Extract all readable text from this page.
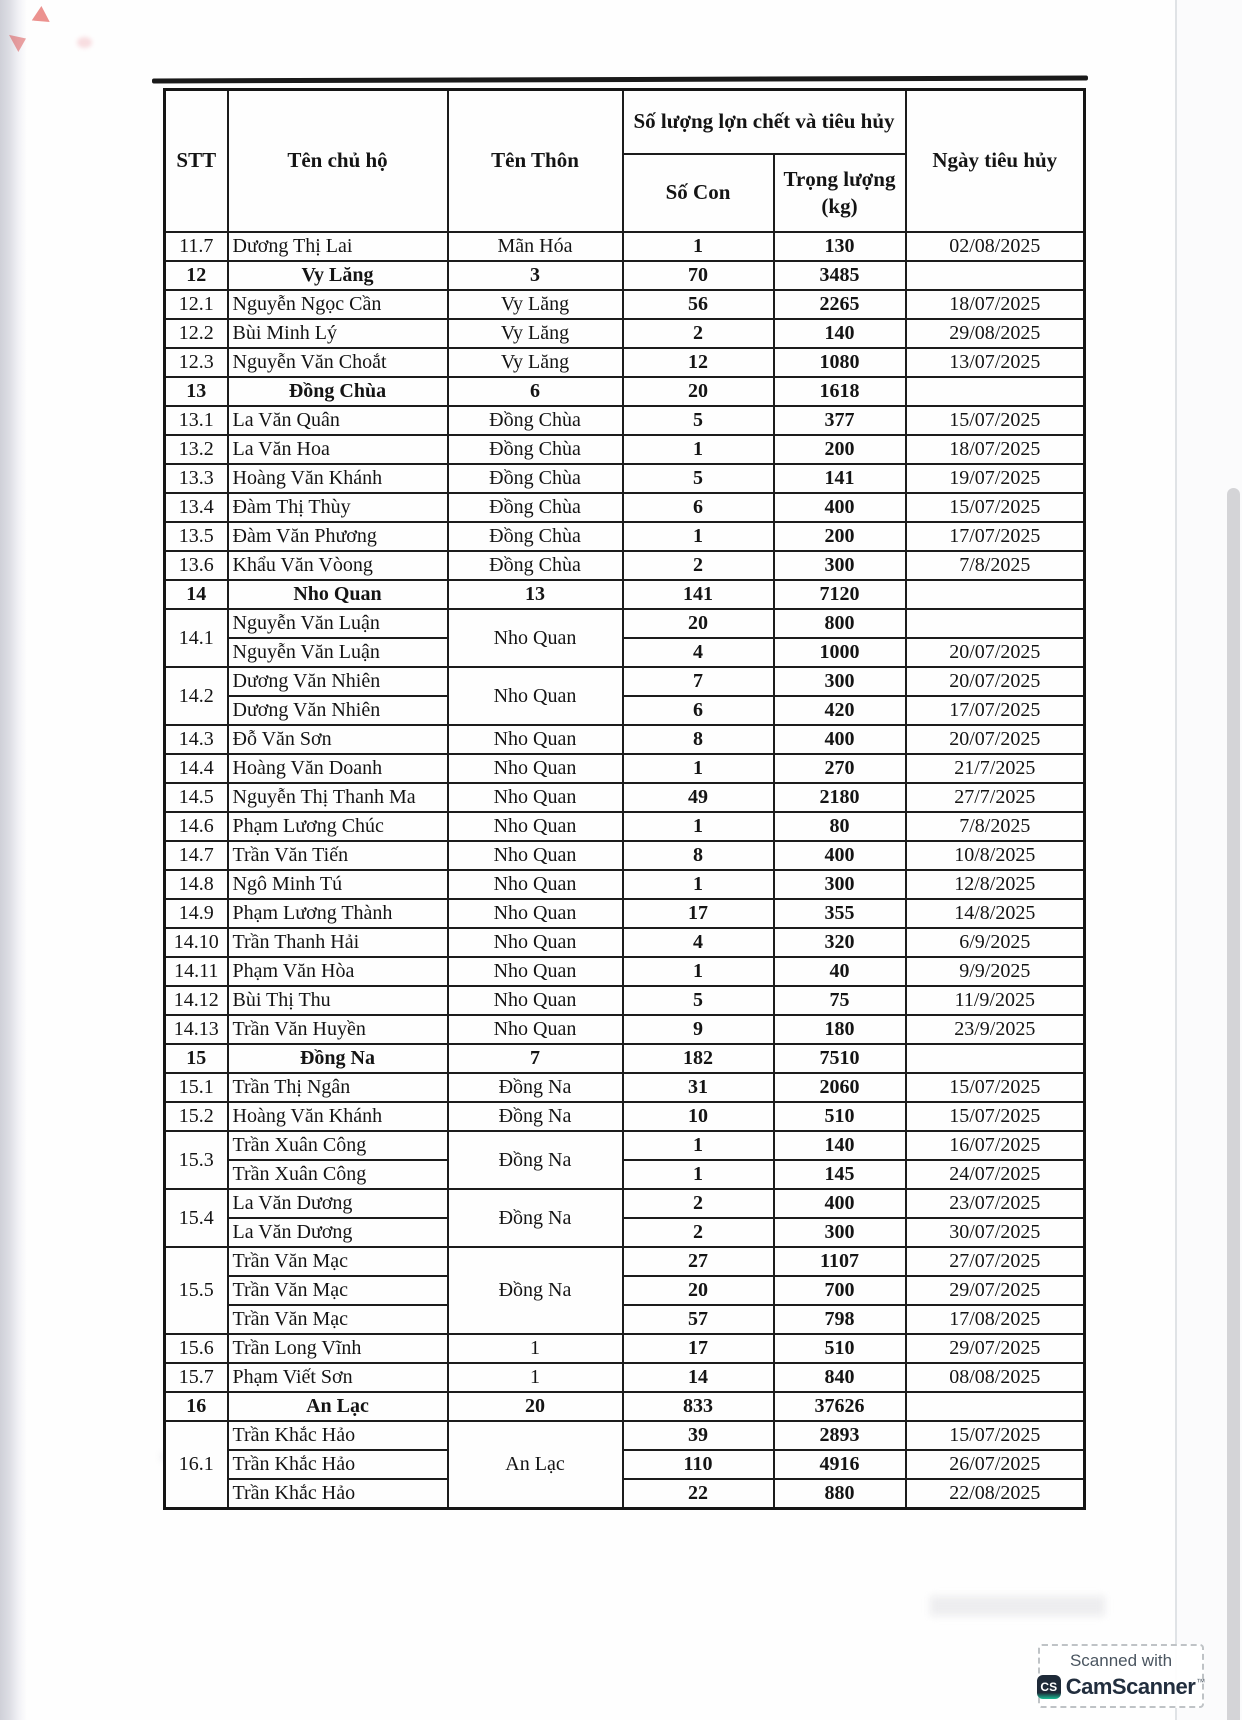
STT	Tên chủ hộ	Tên Thôn	Số lượng lợn chết và tiêu hủy		Ngày tiêu hủy
			Số Con	Trọng lượng (kg)	
11.7	Dương Thị Lai	Mãn Hóa	1	130	02/08/2025
12	Vy Lăng	3	70	3485	
12.1	Nguyễn Ngọc Cần	Vy Lăng	56	2265	18/07/2025
12.2	Bùi Minh Lý	Vy Lăng	2	140	29/08/2025
12.3	Nguyễn Văn Choắt	Vy Lăng	12	1080	13/07/2025
13	Đồng Chùa	6	20	1618	
13.1	La Văn Quân	Đồng Chùa	5	377	15/07/2025
13.2	La Văn Hoa	Đồng Chùa	1	200	18/07/2025
13.3	Hoàng Văn Khánh	Đồng Chùa	5	141	19/07/2025
13.4	Đàm Thị Thùy	Đồng Chùa	6	400	15/07/2025
13.5	Đàm Văn Phương	Đồng Chùa	1	200	17/07/2025
13.6	Khẩu Văn Vòong	Đồng Chùa	2	300	7/8/2025
14	Nho Quan	13	141	7120	
14.1	Nguyễn Văn Luận	Nho Quan	20	800	
	Nguyễn Văn Luận		4	1000	20/07/2025
14.2	Dương Văn Nhiên	Nho Quan	7	300	20/07/2025
	Dương Văn Nhiên		6	420	17/07/2025
14.3	Đỗ Văn Sơn	Nho Quan	8	400	20/07/2025
14.4	Hoàng Văn Doanh	Nho Quan	1	270	21/7/2025
14.5	Nguyễn Thị Thanh Ma	Nho Quan	49	2180	27/7/2025
14.6	Phạm Lương Chúc	Nho Quan	1	80	7/8/2025
14.7	Trần Văn Tiến	Nho Quan	8	400	10/8/2025
14.8	Ngô Minh Tú	Nho Quan	1	300	12/8/2025
14.9	Phạm Lương Thành	Nho Quan	17	355	14/8/2025
14.10	Trần Thanh Hải	Nho Quan	4	320	6/9/2025
14.11	Phạm Văn Hòa	Nho Quan	1	40	9/9/2025
14.12	Bùi Thị Thu	Nho Quan	5	75	11/9/2025
14.13	Trần Văn Huyền	Nho Quan	9	180	23/9/2025
15	Đồng Na	7	182	7510	
15.1	Trần Thị Ngân	Đồng Na	31	2060	15/07/2025
15.2	Hoàng Văn Khánh	Đồng Na	10	510	15/07/2025
15.3	Trần Xuân Công	Đồng Na	1	140	16/07/2025
	Trần Xuân Công		1	145	24/07/2025
15.4	La Văn Dương	Đồng Na	2	400	23/07/2025
	La Văn Dương		2	300	30/07/2025
15.5	Trần Văn Mạc	Đồng Na	27	1107	27/07/2025
	Trần Văn Mạc		20	700	29/07/2025
	Trần Văn Mạc		57	798	17/08/2025
15.6	Trần Long Vĩnh	1	17	510	29/07/2025
15.7	Phạm Viết Sơn	1	14	840	08/08/2025
16	An Lạc	20	833	37626	
16.1	Trần Khắc Hảo	An Lạc	39	2893	15/07/2025
	Trần Khắc Hảo		110	4916	26/07/2025
	Trần Khắc Hảo		22	880	22/08/2025
Scanned with
CS CamScanner ™
